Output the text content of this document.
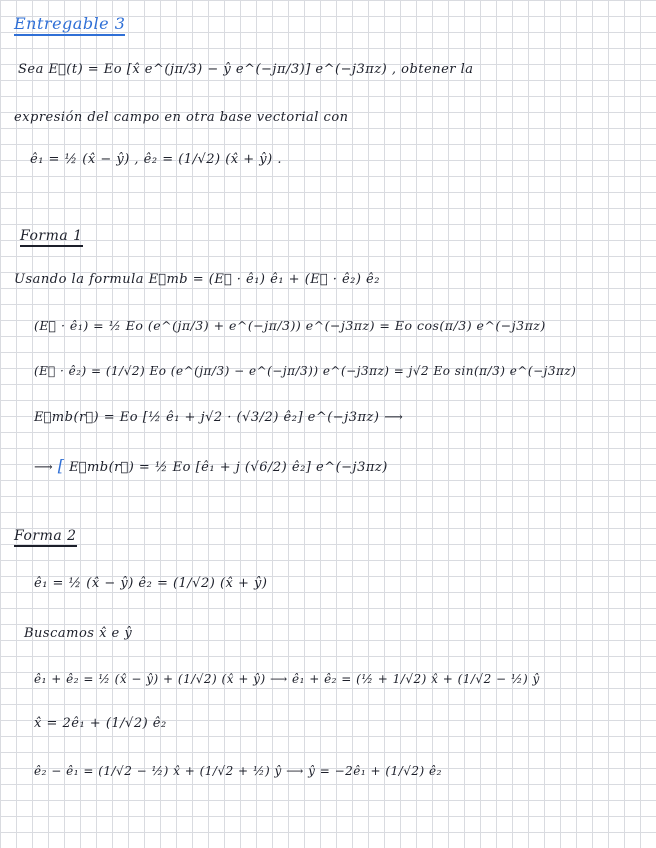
Entregable 3
Sea E⃗(t) = Eo [x̂ e^(jπ/3) − ŷ e^(−jπ/3)] e^(−j3πz) , obtener la
expresión del campo en otra base vectorial con
ê₁ = ½ (x̂ − ŷ) , ê₂ = (1/√2) (x̂ + ŷ) .
Forma 1
Usando la formula E⃗mb = (E⃗ · ê₁) ê₁ + (E⃗ · ê₂) ê₂
(E⃗ · ê₁) = ½ Eo (e^(jπ/3) + e^(−jπ/3)) e^(−j3πz) = Eo cos(π/3) e^(−j3πz)
(E⃗ · ê₂) = (1/√2) Eo (e^(jπ/3) − e^(−jπ/3)) e^(−j3πz) = j√2 Eo sin(π/3) e^(−j3πz)
E⃗mb(r⃗) = Eo [½ ê₁ + j√2 · (√3/2) ê₂] e^(−j3πz) ⟶
⟶ [ E⃗mb(r⃗) = ½ Eo [ê₁ + j (√6/2) ê₂] e^(−j3πz)
Forma 2
ê₁ = ½ (x̂ − ŷ) ê₂ = (1/√2) (x̂ + ŷ)
Buscamos x̂ e ŷ
ê₁ + ê₂ = ½ (x̂ − ŷ) + (1/√2) (x̂ + ŷ) ⟶ ê₁ + ê₂ = (½ + 1/√2) x̂ + (1/√2 − ½) ŷ
x̂ = 2ê₁ + (1/√2) ê₂
ê₂ − ê₁ = (1/√2 − ½) x̂ + (1/√2 + ½) ŷ ⟶ ŷ = −2ê₁ + (1/√2) ê₂
